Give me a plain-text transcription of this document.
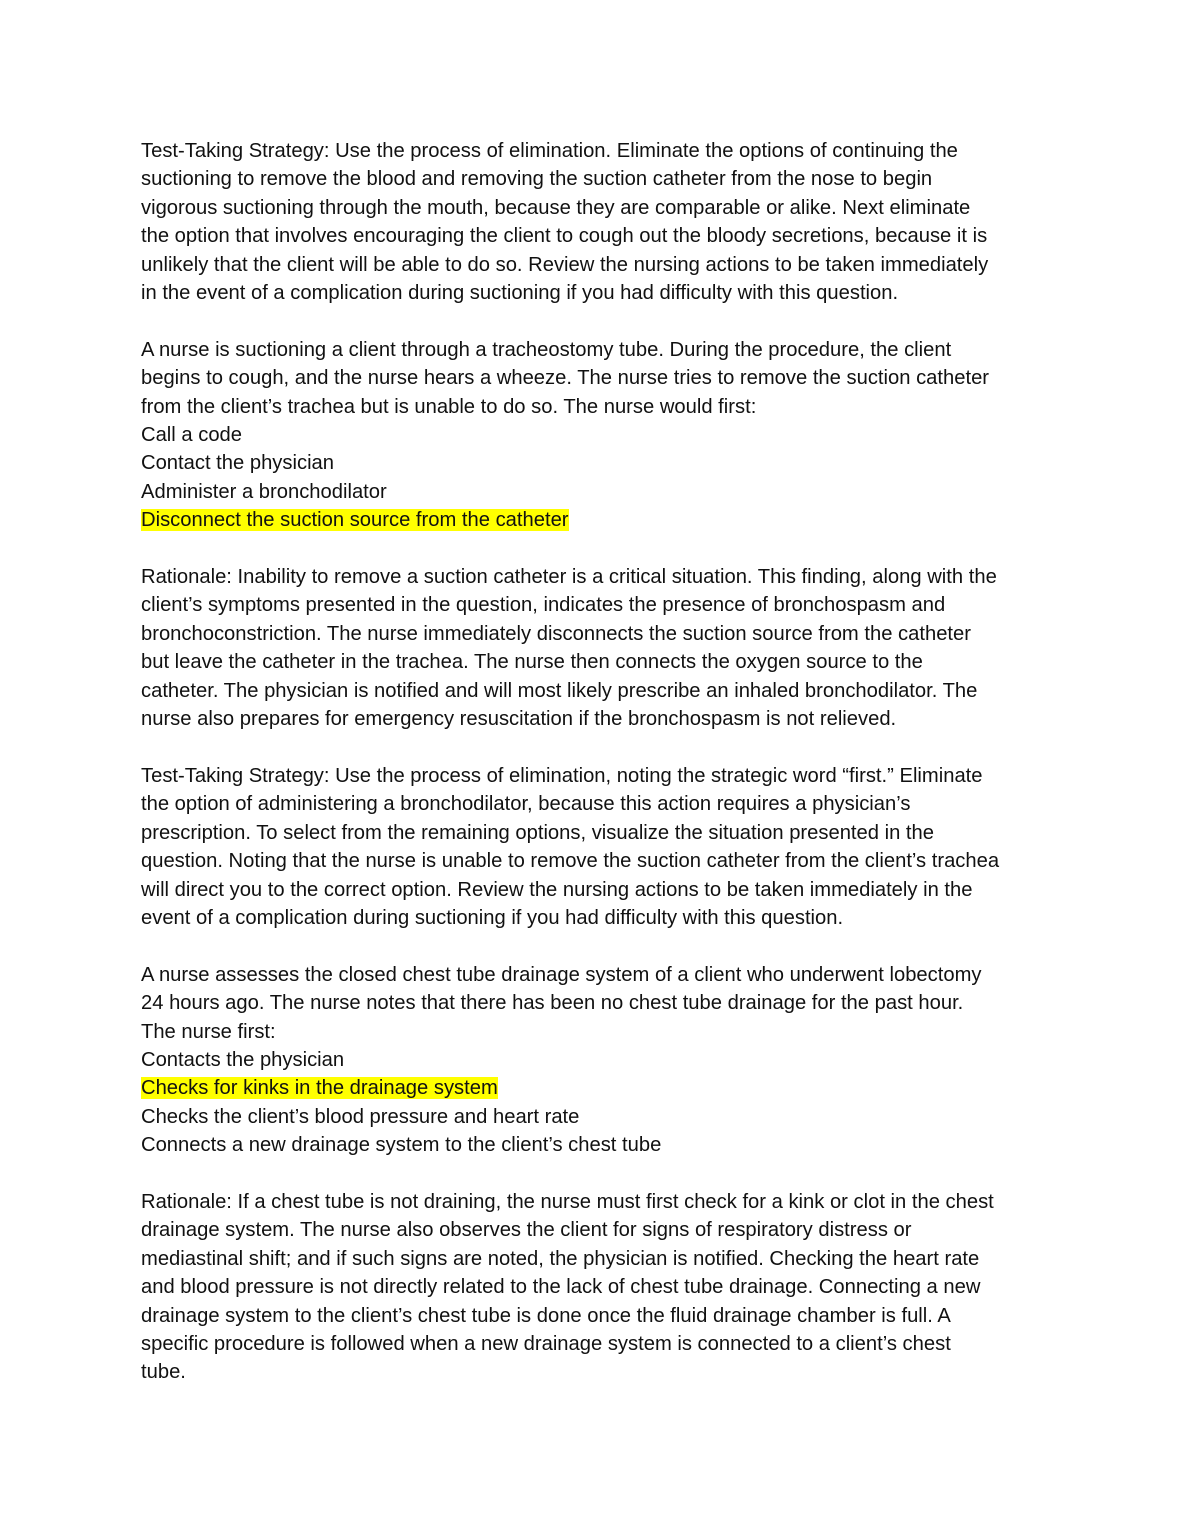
Test-Taking Strategy: Use the process of elimination. Eliminate the options of continuing the
suctioning to remove the blood and removing the suction catheter from the nose to begin
vigorous suctioning through the mouth, because they are comparable or alike. Next eliminate
the option that involves encouraging the client to cough out the bloody secretions, because it is
unlikely that the client will be able to do so. Review the nursing actions to be taken immediately
in the event of a complication during suctioning if you had difficulty with this question.
A nurse is suctioning a client through a tracheostomy tube. During the procedure, the client
begins to cough, and the nurse hears a wheeze. The nurse tries to remove the suction catheter
from the client’s trachea but is unable to do so. The nurse would first:
Call a code
Contact the physician
Administer a bronchodilator
Disconnect the suction source from the catheter
Rationale: Inability to remove a suction catheter is a critical situation. This finding, along with the
client’s symptoms presented in the question, indicates the presence of bronchospasm and
bronchoconstriction. The nurse immediately disconnects the suction source from the catheter
but leave the catheter in the trachea. The nurse then connects the oxygen source to the
catheter. The physician is notified and will most likely prescribe an inhaled bronchodilator. The
nurse also prepares for emergency resuscitation if the bronchospasm is not relieved.
Test-Taking Strategy: Use the process of elimination, noting the strategic word “first.” Eliminate
the option of administering a bronchodilator, because this action requires a physician’s
prescription. To select from the remaining options, visualize the situation presented in the
question. Noting that the nurse is unable to remove the suction catheter from the client’s trachea
will direct you to the correct option. Review the nursing actions to be taken immediately in the
event of a complication during suctioning if you had difficulty with this question.
A nurse assesses the closed chest tube drainage system of a client who underwent lobectomy
24 hours ago. The nurse notes that there has been no chest tube drainage for the past hour.
The nurse first:
Contacts the physician
Checks for kinks in the drainage system
Checks the client’s blood pressure and heart rate
Connects a new drainage system to the client’s chest tube
Rationale: If a chest tube is not draining, the nurse must first check for a kink or clot in the chest
drainage system. The nurse also observes the client for signs of respiratory distress or
mediastinal shift; and if such signs are noted, the physician is notified. Checking the heart rate
and blood pressure is not directly related to the lack of chest tube drainage. Connecting a new
drainage system to the client’s chest tube is done once the fluid drainage chamber is full. A
specific procedure is followed when a new drainage system is connected to a client’s chest
tube.
